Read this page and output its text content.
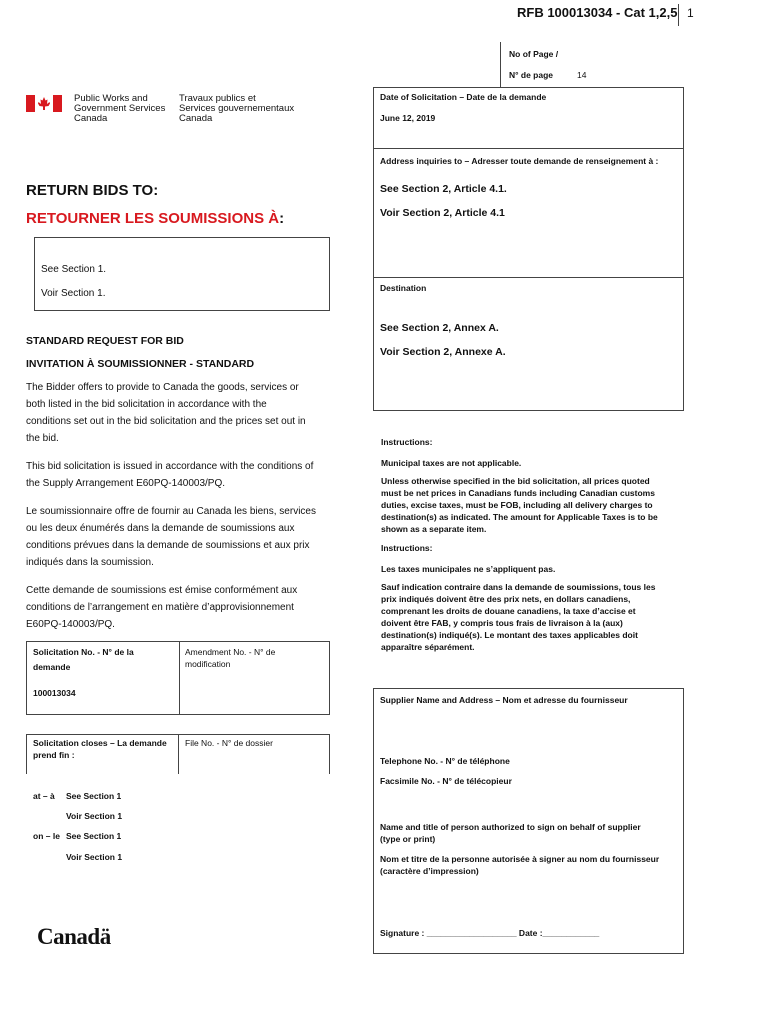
RFB 100013034 - Cat 1,2,5 1
Public Works and
Government Services
Canada
Travaux publics et
Services gouvernementaux
Canada
No of Page /
N° de page	14
Date of Solicitation – Date de la demande
June 12, 2019
Address inquiries to – Adresser toute demande de renseignement à :
See Section 2, Article 4.1.
Voir Section 2, Article 4.1
Destination
See Section 2, Annex A.
Voir Section 2, Annexe A.
Instructions:
Municipal taxes are not applicable.
Unless otherwise specified in the bid solicitation, all prices quoted
must be net prices in Canadians funds including Canadian customs
duties, excise taxes, must be FOB, including all delivery charges to
destination(s) as indicated. The amount for Applicable Taxes is to be
shown as a separate item.
Instructions:
Les taxes municipales ne s’appliquent pas.
Sauf indication contraire dans la demande de soumissions, tous les
prix indiqués doivent être des prix nets, en dollars canadiens,
comprenant les droits de douane canadiens, la taxe d’accise et
doivent être FAB, y compris tous frais de livraison à la (aux)
destination(s) indiqué(s). Le montant des taxes applicables doit
apparaître séparément.
Supplier Name and Address – Nom et adresse du fournisseur
Telephone No. - N° de téléphone
Facsimile No. - N° de télécopieur
Name and title of person authorized to sign on behalf of supplier
(type or print)
Nom et titre de la personne autorisée à signer au nom du fournisseur
(caractère d’impression)
Signature : ___________________ Date :____________
RETURN BIDS TO:
RETOURNER LES SOUMISSIONS À:
See Section 1.
Voir Section 1.
STANDARD REQUEST FOR BID
INVITATION À SOUMISSIONNER - STANDARD
The Bidder offers to provide to Canada the goods, services or
both listed in the bid solicitation in accordance with the
conditions set out in the bid solicitation and the prices set out in
the bid.
This bid solicitation is issued in accordance with the conditions of
the Supply Arrangement E60PQ-140003/PQ.
Le soumissionnaire offre de fournir au Canada les biens, services
ou les deux énumérés dans la demande de soumissions aux
conditions prévues dans la demande de soumissions et aux prix
indiqués dans la soumission.
Cette demande de soumissions est émise conformément aux
conditions de l’arrangement en matière d’approvisionnement
E60PQ-140003/PQ.
Solicitation No. - N° de la
demande
100013034
Amendment No. - N° de
modification
Solicitation closes – La demande
prend fin :
File No. - N° de dossier
at – à See Section 1
Voir Section 1
on – le See Section 1
Voir Section 1
Canadä
